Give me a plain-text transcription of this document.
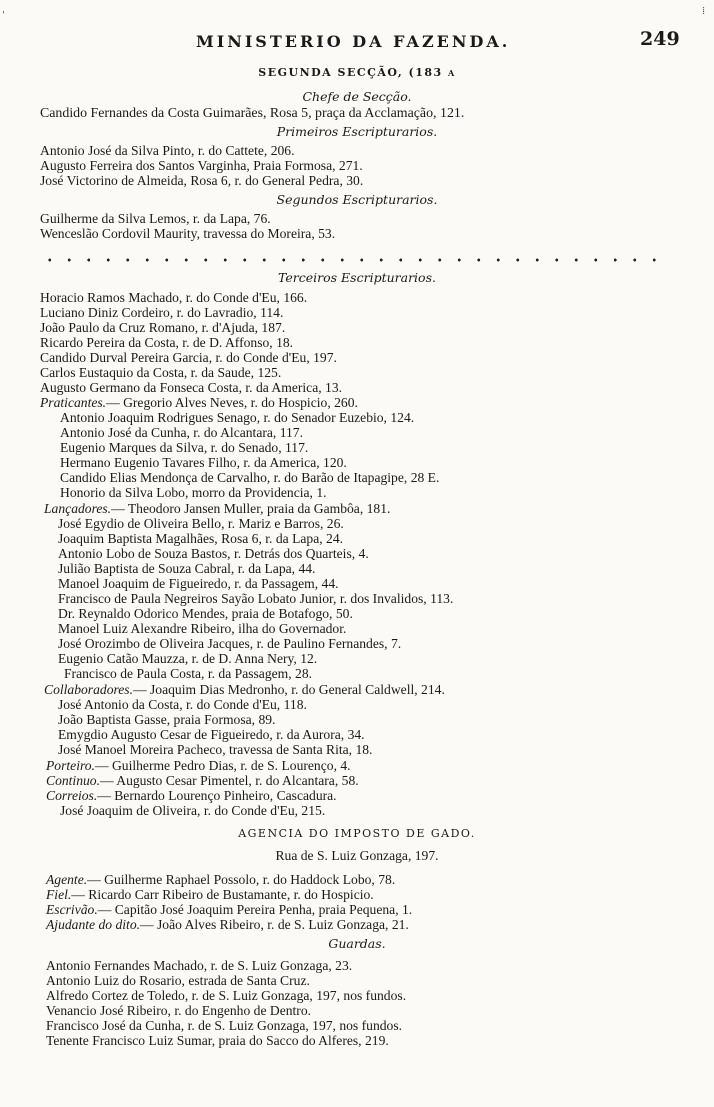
MINISTERIO DA FAZENDA.	249
⁞
ˌ
SEGUNDA SECÇÃO, (183 a
Chefe de Secção.
Candido Fernandes da Costa Guimarães, Rosa 5, praça da Acclamação, 121.
Primeiros Escripturarios.
Antonio José da Silva Pinto, r. do Cattete, 206.
Augusto Ferreira dos Santos Varginha, Praia Formosa, 271.
José Victorino de Almeida, Rosa 6, r. do General Pedra, 30.
Segundos Escripturarios.
Guilherme da Silva Lemos, r. da Lapa, 76.
Wenceslão Cordovil Maurity, travessa do Moreira, 53.
Terceiros Escripturarios.
Horacio Ramos Machado, r. do Conde d'Eu, 166.
Luciano Diniz Cordeiro, r. do Lavradio, 114.
João Paulo da Cruz Romano, r. d'Ajuda, 187.
Ricardo Pereira da Costa, r. de D. Affonso, 18.
Candido Durval Pereira Garcia, r. do Conde d'Eu, 197.
Carlos Eustaquio da Costa, r. da Saude, 125.
Augusto Germano da Fonseca Costa, r. da America, 13.
Praticantes.— Gregorio Alves Neves, r. do Hospicio, 260.
Antonio Joaquim Rodrigues Senago, r. do Senador Euzebio, 124.
Antonio José da Cunha, r. do Alcantara, 117.
Eugenio Marques da Silva, r. do Senado, 117.
Hermano Eugenio Tavares Filho, r. da America, 120.
Candido Elias Mendonça de Carvalho, r. do Barão de Itapagipe, 28 E.
Honorio da Silva Lobo, morro da Providencia, 1.
Lançadores.— Theodoro Jansen Muller, praia da Gambôa, 181.
José Egydio de Oliveira Bello, r. Mariz e Barros, 26.
Joaquim Baptista Magalhães, Rosa 6, r. da Lapa, 24.
Antonio Lobo de Souza Bastos, r. Detrás dos Quarteis, 4.
Julião Baptista de Souza Cabral, r. da Lapa, 44.
Manoel Joaquim de Figueiredo, r. da Passagem, 44.
Francisco de Paula Negreiros Sayão Lobato Junior, r. dos Invalidos, 113.
Dr. Reynaldo Odorico Mendes, praia de Botafogo, 50.
Manoel Luiz Alexandre Ribeiro, ilha do Governador.
José Orozimbo de Oliveira Jacques, r. de Paulino Fernandes, 7.
Eugenio Catão Mauzza, r. de D. Anna Nery, 12.
Francisco de Paula Costa, r. da Passagem, 28.
Collaboradores.— Joaquim Dias Medronho, r. do General Caldwell, 214.
José Antonio da Costa, r. do Conde d'Eu, 118.
João Baptista Gasse, praia Formosa, 89.
Emygdio Augusto Cesar de Figueiredo, r. da Aurora, 34.
José Manoel Moreira Pacheco, travessa de Santa Rita, 18.
Porteiro.— Guilherme Pedro Dias, r. de S. Lourenço, 4.
Continuo.— Augusto Cesar Pimentel, r. do Alcantara, 58.
Correios.— Bernardo Lourenço Pinheiro, Cascadura.
José Joaquim de Oliveira, r. do Conde d'Eu, 215.
AGENCIA DO IMPOSTO DE GADO.
Rua de S. Luiz Gonzaga, 197.
Agente.— Guilherme Raphael Possolo, r. do Haddock Lobo, 78.
Fiel.— Ricardo Carr Ribeiro de Bustamante, r. do Hospicio.
Escrivão.— Capitão José Joaquim Pereira Penha, praia Pequena, 1.
Ajudante do dito.— João Alves Ribeiro, r. de S. Luiz Gonzaga, 21.
Guardas.
Antonio Fernandes Machado, r. de S. Luiz Gonzaga, 23.
Antonio Luiz do Rosario, estrada de Santa Cruz.
Alfredo Cortez de Toledo, r. de S. Luiz Gonzaga, 197, nos fundos.
Venancio José Ribeiro, r. do Engenho de Dentro.
Francisco José da Cunha, r. de S. Luiz Gonzaga, 197, nos fundos.
Tenente Francisco Luiz Sumar, praia do Sacco do Alferes, 219.
